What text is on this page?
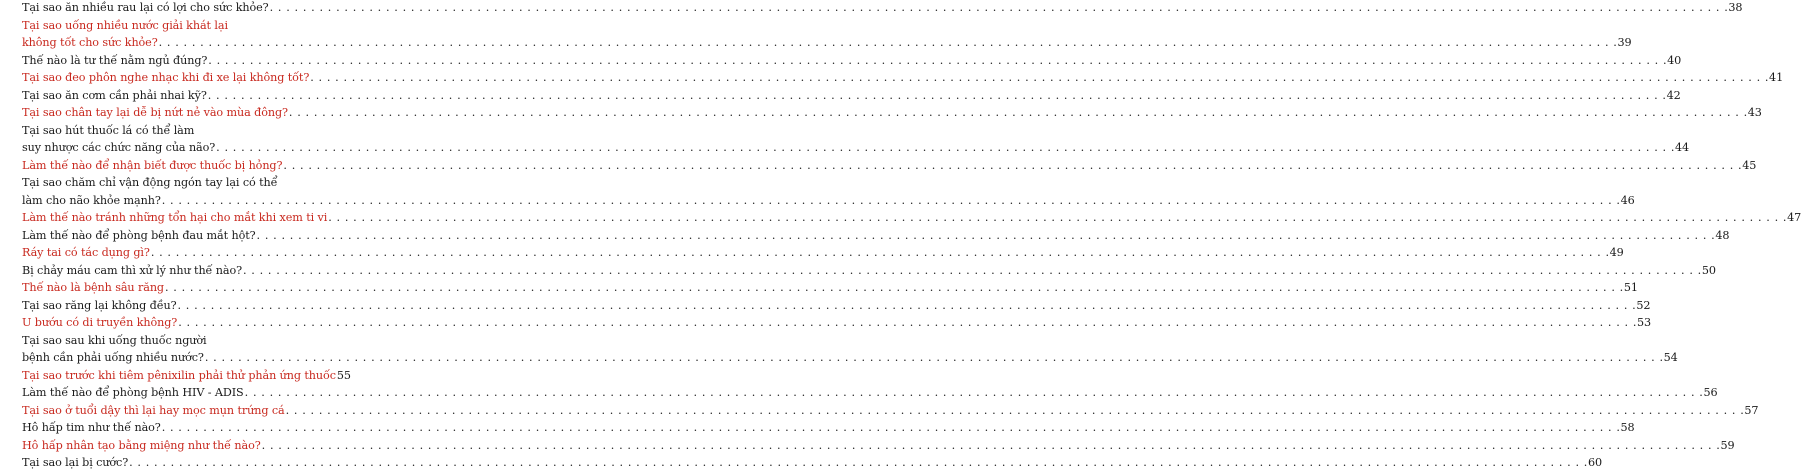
Tại sao ăn nhiều rau lại có lợi cho sức khỏe? . . .	38
Tại sao uống nhiều nước giải khát lại
không tốt cho sức khỏe? . . .	39
Thế nào là tư thế nằm ngủ đúng? . . .	40
Tại sao đeo phôn nghe nhạc khi đi xe lại không tốt? . . .	41
Tại sao ăn cơm cần phải nhai kỹ? . . .	42
Tại sao chân tay lại dễ bị nứt nẻ vào mùa đông? . . .	43
Tại sao hút thuốc lá có thể làm
suy nhược các chức năng của não? . . .	44
Làm thế nào để nhận biết được thuốc bị hỏng? . . .	45
Tại sao chăm chỉ vận động ngón tay lại có thể
làm cho não khỏe mạnh? . . .	46
Làm thế nào tránh những tổn hại cho mắt khi xem ti vi . . .	47
Làm thế nào để phòng bệnh đau mắt hột? . . .	48
Ráy tai có tác dụng gì? . . .	49
Bị chảy máu cam thì xử lý như thế nào? . . .	50
Thế nào là bệnh sâu răng . . .	51
Tại sao răng lại không đều? . . .	52
U bướu có di truyền không? . . .	53
Tại sao sau khi uống thuốc người
bệnh cần phải uống nhiều nước? . . .	54
Tại sao trước khi tiêm pênixilin phải thử phản ứng thuốc 55
Làm thế nào để phòng bệnh HIV - ADIS . . .	56
Tại sao ở tuổi dậy thì lại hay mọc mụn trứng cá . . .	57
Hô hấp tim như thế nào? . . .	58
Hô hấp nhân tạo bằng miệng như thế nào? . . .	59
Tại sao lại bị cước? . . .	60
